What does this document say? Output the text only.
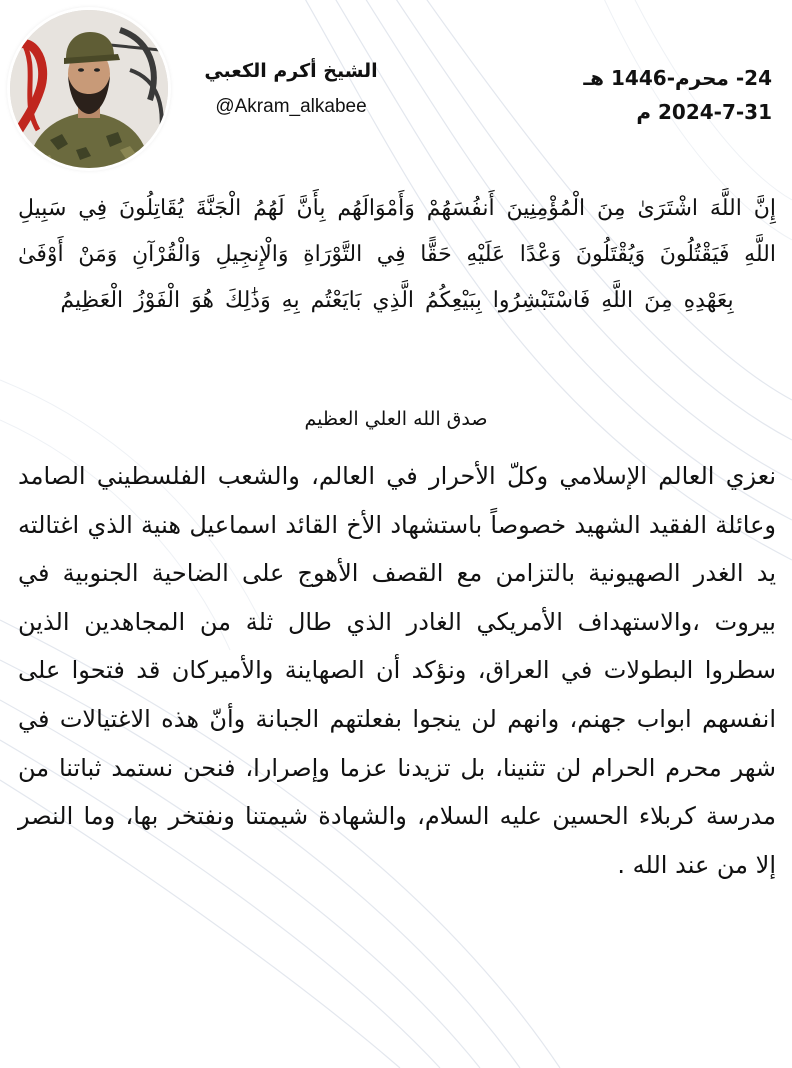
الشيخ أكرم الكعبي
@Akram_alkabee
24- محرم-1446 هـ
2024-7-31 م
إِنَّ اللَّهَ اشْتَرَىٰ مِنَ الْمُؤْمِنِينَ أَنفُسَهُمْ وَأَمْوَالَهُم بِأَنَّ لَهُمُ الْجَنَّةَ يُقَاتِلُونَ فِي سَبِيلِ اللَّهِ فَيَقْتُلُونَ وَيُقْتَلُونَ وَعْدًا عَلَيْهِ حَقًّا فِي التَّوْرَاةِ وَالْإِنجِيلِ وَالْقُرْآنِ وَمَنْ أَوْفَىٰ بِعَهْدِهِ مِنَ اللَّهِ فَاسْتَبْشِرُوا بِبَيْعِكُمُ الَّذِي بَايَعْتُم بِهِ وَذَٰلِكَ هُوَ الْفَوْزُ الْعَظِيمُ
صدق الله العلي العظيم
نعزي العالم الإسلامي وكلّ الأحرار في العالم، والشعب الفلسطيني الصامد وعائلة الفقيد الشهيد خصوصاً باستشهاد الأخ القائد اسماعيل هنية الذي اغتالته يد الغدر الصهيونية بالتزامن مع القصف الأهوج على الضاحية الجنوبية في بيروت ،والاستهداف الأمريكي الغادر الذي طال ثلة من المجاهدين الذين سطروا البطولات في العراق، ونؤكد أن الصهاينة والأميركان قد فتحوا على انفسهم ابواب جهنم، وانهم لن ينجوا بفعلتهم الجبانة وأنّ هذه الاغتيالات في شهر محرم الحرام لن تثنينا، بل تزيدنا عزما وإصرارا، فنحن نستمد ثباتنا من مدرسة كربلاء الحسين عليه السلام، والشهادة شيمتنا ونفتخر بها، وما النصر إلا من عند الله .
